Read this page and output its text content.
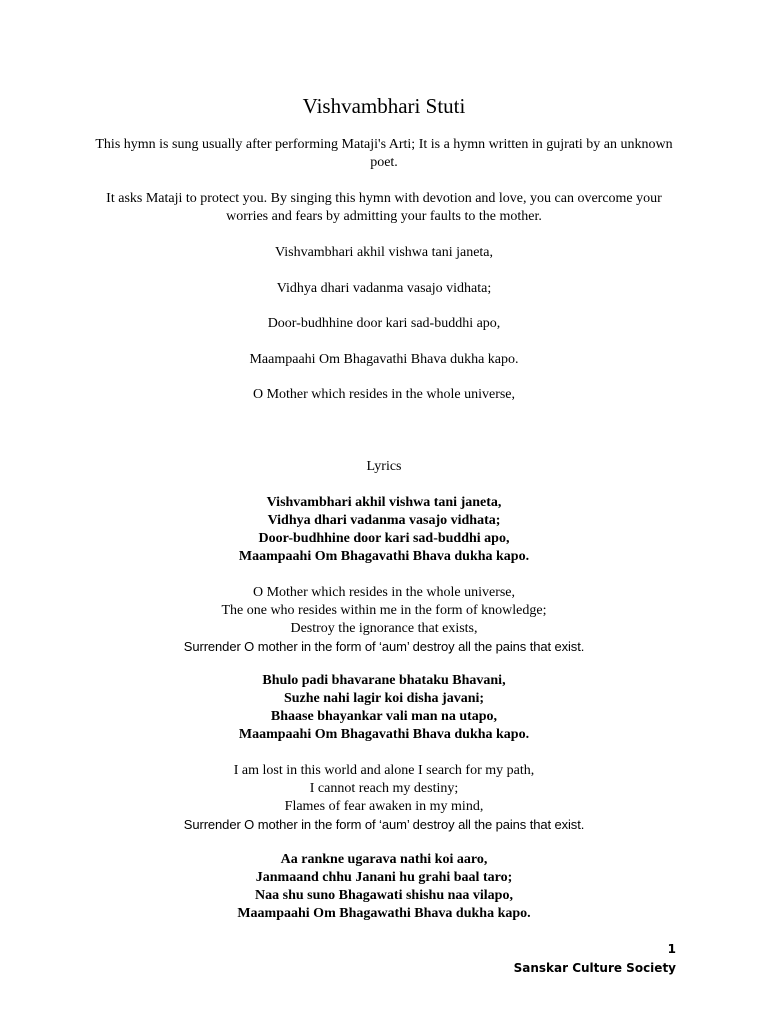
Vishvambhari Stuti
This hymn is sung usually after performing Mataji's Arti; It is a hymn written in gujrati by an unknown poet.
It asks Mataji to protect you. By singing this hymn with devotion and love, you can overcome your worries and fears by admitting your faults to the mother.
Vishvambhari akhil vishwa tani janeta,
Vidhya dhari vadanma vasajo vidhata;
Door-budhhine door kari sad-buddhi apo,
Maampaahi Om Bhagavathi Bhava dukha kapo.
O Mother which resides in the whole universe,
Lyrics
Vishvambhari akhil vishwa tani janeta,
Vidhya dhari vadanma vasajo vidhata;
Door-budhhine door kari sad-buddhi apo,
Maampaahi Om Bhagavathi Bhava dukha kapo.
O Mother which resides in the whole universe,
The one who resides within me in the form of knowledge;
Destroy the ignorance that exists,
Surrender O mother in the form of ‘aum’ destroy all the pains that exist.
Bhulo padi bhavarane bhataku Bhavani,
Suzhe nahi lagir koi disha javani;
Bhaase bhayankar vali man na utapo,
Maampaahi Om Bhagavathi Bhava dukha kapo.
I am lost in this world and alone I search for my path,
I cannot reach my destiny;
Flames of fear awaken in my mind,
Surrender O mother in the form of ‘aum’ destroy all the pains that exist.
Aa rankne ugarava nathi koi aaro,
Janmaand chhu Janani hu grahi baal taro;
Naa shu suno Bhagawati shishu naa vilapo,
Maampaahi Om Bhagawathi Bhava dukha kapo.
1
Sanskar Culture Society
